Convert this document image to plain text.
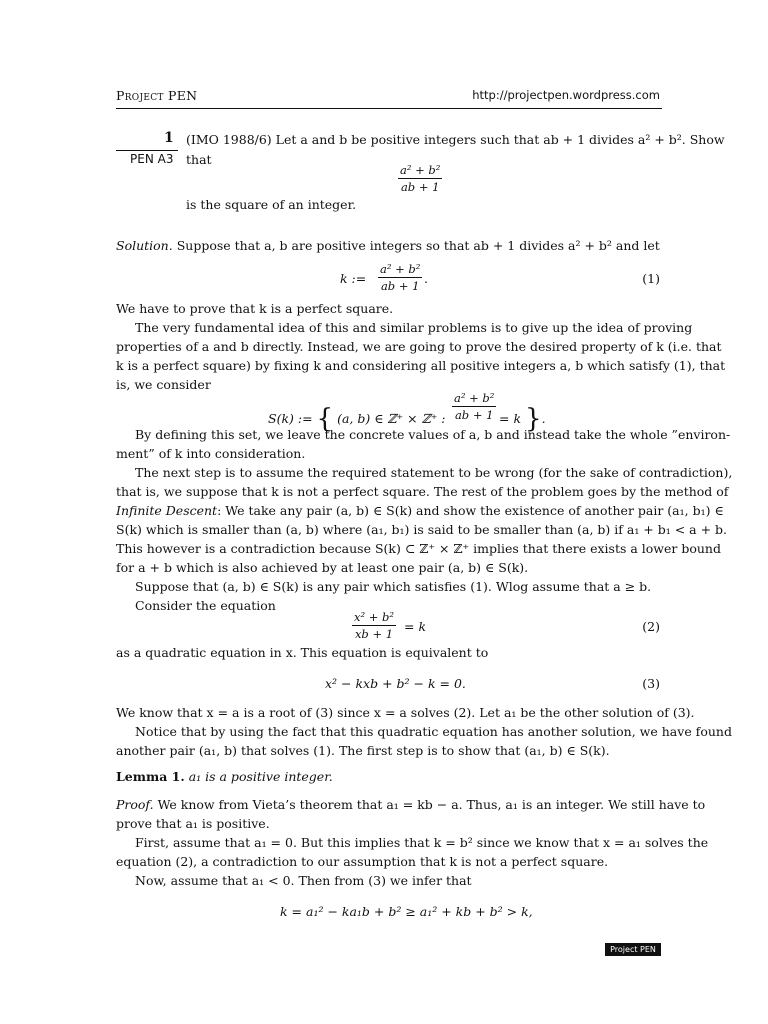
Project PEN	http://projectpen.wordpress.com
1
PEN A3
(IMO 1988/6) Let a and b be positive integers such that ab + 1 divides a² + b². Show
that
$\frac{\text{a² + b²}}{ab + 1}$
is the square of an integer.
Solution. Suppose that a, b are positive integers so that ab + 1 divides a² + b² and let
k := $\frac{\text{a² + b²}}{ab + 1}$ .	(1)
We have to prove that k is a perfect square.
The very fundamental idea of this and similar problems is to give up the idea of proving
properties of a and b directly. Instead, we are going to prove the desired property of k (i.e. that
k is a perfect square) by fixing k and considering all positive integers a, b which satisfy (1), that
is, we consider
S(k) := { (a, b) ∈ ℤ⁺ × ℤ⁺ : $\frac{\text{a² + b²}}{ab + 1} = k$ }.
By defining this set, we leave the concrete values of a, b and instead take the whole ”environ-
ment” of k into consideration.
The next step is to assume the required statement to be wrong (for the sake of contradiction),
that is, we suppose that k is not a perfect square. The rest of the problem goes by the method of
Infinite Descent: We take any pair (a, b) ∈ S(k) and show the existence of another pair (a₁, b₁) ∈
S(k) which is smaller than (a, b) where (a₁, b₁) is said to be smaller than (a, b) if a₁ + b₁ < a + b.
This however is a contradiction because S(k) ⊂ ℤ⁺ × ℤ⁺ implies that there exists a lower bound
for a + b which is also achieved by at least one pair (a, b) ∈ S(k).
Suppose that (a, b) ∈ S(k) is any pair which satisfies (1). Wlog assume that a ≥ b.
Consider the equation
$\frac{\text{x² + b²}}{xb + 1} = k$	(2)
as a quadratic equation in x. This equation is equivalent to
x² − kxb + b² − k = 0.	(3)
We know that x = a is a root of (3) since x = a solves (2). Let a₁ be the other solution of (3).
Notice that by using the fact that this quadratic equation has another solution, we have found
another pair (a₁, b) that solves (1). The first step is to show that (a₁, b) ∈ S(k).
Lemma 1. a₁ is a positive integer.
Proof. We know from Vieta’s theorem that a₁ = kb − a. Thus, a₁ is an integer. We still have to
prove that a₁ is positive.
First, assume that a₁ = 0. But this implies that k = b² since we know that x = a₁ solves the
equation (2), a contradiction to our assumption that k is not a perfect square.
Now, assume that a₁ < 0. Then from (3) we infer that
k = a₁² − ka₁b + b² ≥ a₁² + kb + b² > k,
Project PEN
